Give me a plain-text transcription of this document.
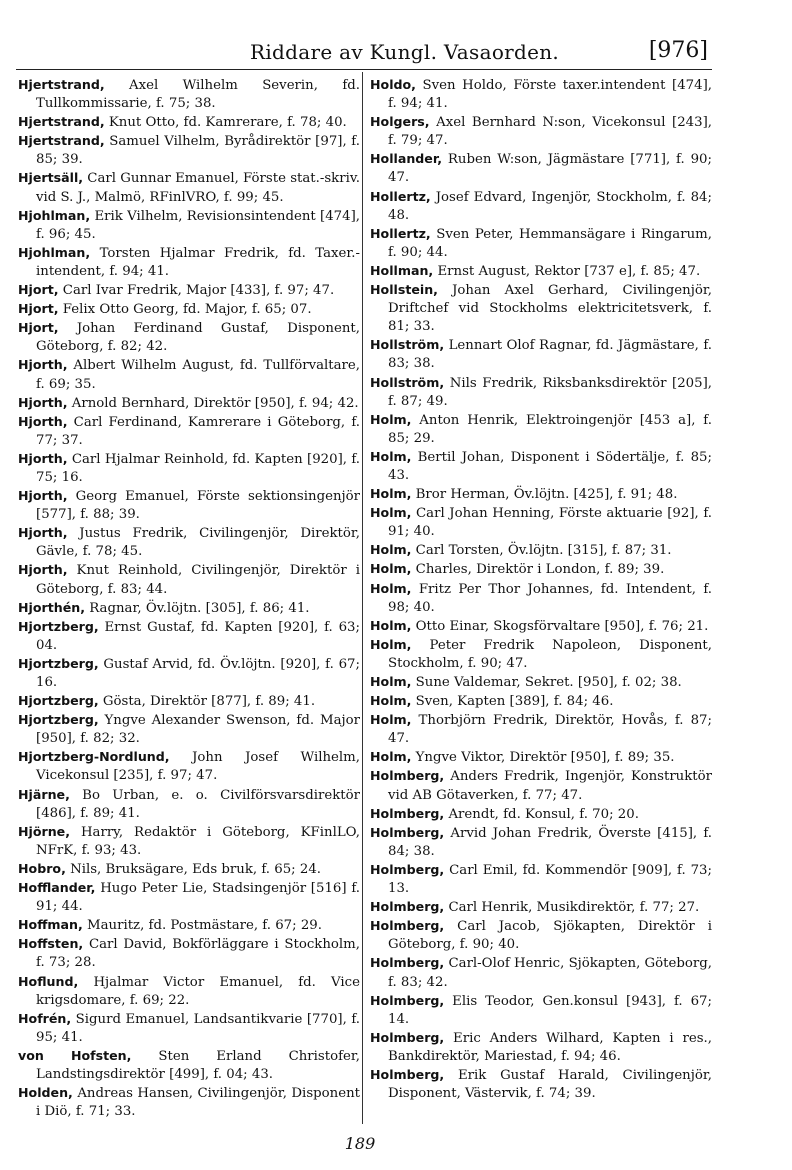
Riddare av Kungl. Vasaorden.	[976]

Hjertstrand, Axel Wilhelm Severin, fd. Tullkommissarie, f. 75; 38.

Hjertstrand, Knut Otto, fd. Kamrerare, f. 78; 40.

Hjertstrand, Samuel Vilhelm, Byrådirektör [97], f. 85; 39.

Hjertsäll, Carl Gunnar Emanuel, Förste stat.-skriv. vid S. J., Malmö, RFinlVRO, f. 99; 45.

Hjohlman, Erik Vilhelm, Revisionsintendent [474], f. 96; 45.

Hjohlman, Torsten Hjalmar Fredrik, fd. Taxer.-intendent, f. 94; 41.

Hjort, Carl Ivar Fredrik, Major [433], f. 97; 47.

Hjort, Felix Otto Georg, fd. Major, f. 65; 07.

Hjort, Johan Ferdinand Gustaf, Disponent, Göteborg, f. 82; 42.

Hjorth, Albert Wilhelm August, fd. Tullförvaltare, f. 69; 35.

Hjorth, Arnold Bernhard, Direktör [950], f. 94; 42.

Hjorth, Carl Ferdinand, Kamrerare i Göteborg, f. 77; 37.

Hjorth, Carl Hjalmar Reinhold, fd. Kapten [920], f. 75; 16.

Hjorth, Georg Emanuel, Förste sektionsingenjör [577], f. 88; 39.

Hjorth, Justus Fredrik, Civilingenjör, Direktör, Gävle, f. 78; 45.

Hjorth, Knut Reinhold, Civilingenjör, Direktör i Göteborg, f. 83; 44.

Hjorthén, Ragnar, Öv.löjtn. [305], f. 86; 41.

Hjortzberg, Ernst Gustaf, fd. Kapten [920], f. 63; 04.

Hjortzberg, Gustaf Arvid, fd. Öv.löjtn. [920], f. 67; 16.

Hjortzberg, Gösta, Direktör [877], f. 89; 41.

Hjortzberg, Yngve Alexander Swenson, fd. Major [950], f. 82; 32.

Hjortzberg-Nordlund, John Josef Wilhelm, Vicekonsul [235], f. 97; 47.

Hjärne, Bo Urban, e. o. Civilförsvarsdirektör [486], f. 89; 41.

Hjörne, Harry, Redaktör i Göteborg, KFinlLO, NFrK, f. 93; 43.

Hobro, Nils, Bruksägare, Eds bruk, f. 65; 24.

Hofflander, Hugo Peter Lie, Stadsingenjör [516] f. 91; 44.

Hoffman, Mauritz, fd. Postmästare, f. 67; 29.

Hoffsten, Carl David, Bokförläggare i Stockholm, f. 73; 28.

Hoflund, Hjalmar Victor Emanuel, fd. Vice krigsdomare, f. 69; 22.

Hofrén, Sigurd Emanuel, Landsantikvarie [770], f. 95; 41.

von Hofsten, Sten Erland Christofer, Landstingsdirektör [499], f. 04; 43.

Holden, Andreas Hansen, Civilingenjör, Disponent i Diö, f. 71; 33.

Holdo, Sven Holdo, Förste taxer.intendent [474], f. 94; 41.

Holgers, Axel Bernhard N:son, Vicekonsul [243], f. 79; 47.

Hollander, Ruben W:son, Jägmästare [771], f. 90; 47.

Hollertz, Josef Edvard, Ingenjör, Stockholm, f. 84; 48.

Hollertz, Sven Peter, Hemmansägare i Ringarum, f. 90; 44.

Hollman, Ernst August, Rektor [737 e], f. 85; 47.

Hollstein, Johan Axel Gerhard, Civilingenjör, Driftchef vid Stockholms elektricitetsverk, f. 81; 33.

Hollström, Lennart Olof Ragnar, fd. Jägmästare, f. 83; 38.

Hollström, Nils Fredrik, Riksbanksdirektör [205], f. 87; 49.

Holm, Anton Henrik, Elektroingenjör [453 a], f. 85; 29.

Holm, Bertil Johan, Disponent i Södertälje, f. 85; 43.

Holm, Bror Herman, Öv.löjtn. [425], f. 91; 48.

Holm, Carl Johan Henning, Förste aktuarie [92], f. 91; 40.

Holm, Carl Torsten, Öv.löjtn. [315], f. 87; 31.

Holm, Charles, Direktör i London, f. 89; 39.

Holm, Fritz Per Thor Johannes, fd. Intendent, f. 98; 40.

Holm, Otto Einar, Skogsförvaltare [950], f. 76; 21.

Holm, Peter Fredrik Napoleon, Disponent, Stockholm, f. 90; 47.

Holm, Sune Valdemar, Sekret. [950], f. 02; 38.

Holm, Sven, Kapten [389], f. 84; 46.

Holm, Thorbjörn Fredrik, Direktör, Hovås, f. 87; 47.

Holm, Yngve Viktor, Direktör [950], f. 89; 35.

Holmberg, Anders Fredrik, Ingenjör, Konstruktör vid AB Götaverken, f. 77; 47.

Holmberg, Arendt, fd. Konsul, f. 70; 20.

Holmberg, Arvid Johan Fredrik, Överste [415], f. 84; 38.

Holmberg, Carl Emil, fd. Kommendör [909], f. 73; 13.

Holmberg, Carl Henrik, Musikdirektör, f. 77; 27.

Holmberg, Carl Jacob, Sjökapten, Direktör i Göteborg, f. 90; 40.

Holmberg, Carl-Olof Henric, Sjökapten, Göteborg, f. 83; 42.

Holmberg, Elis Teodor, Gen.konsul [943], f. 67; 14.

Holmberg, Eric Anders Wilhard, Kapten i res., Bankdirektör, Mariestad, f. 94; 46.

Holmberg, Erik Gustaf Harald, Civilingenjör, Disponent, Västervik, f. 74; 39.

189
